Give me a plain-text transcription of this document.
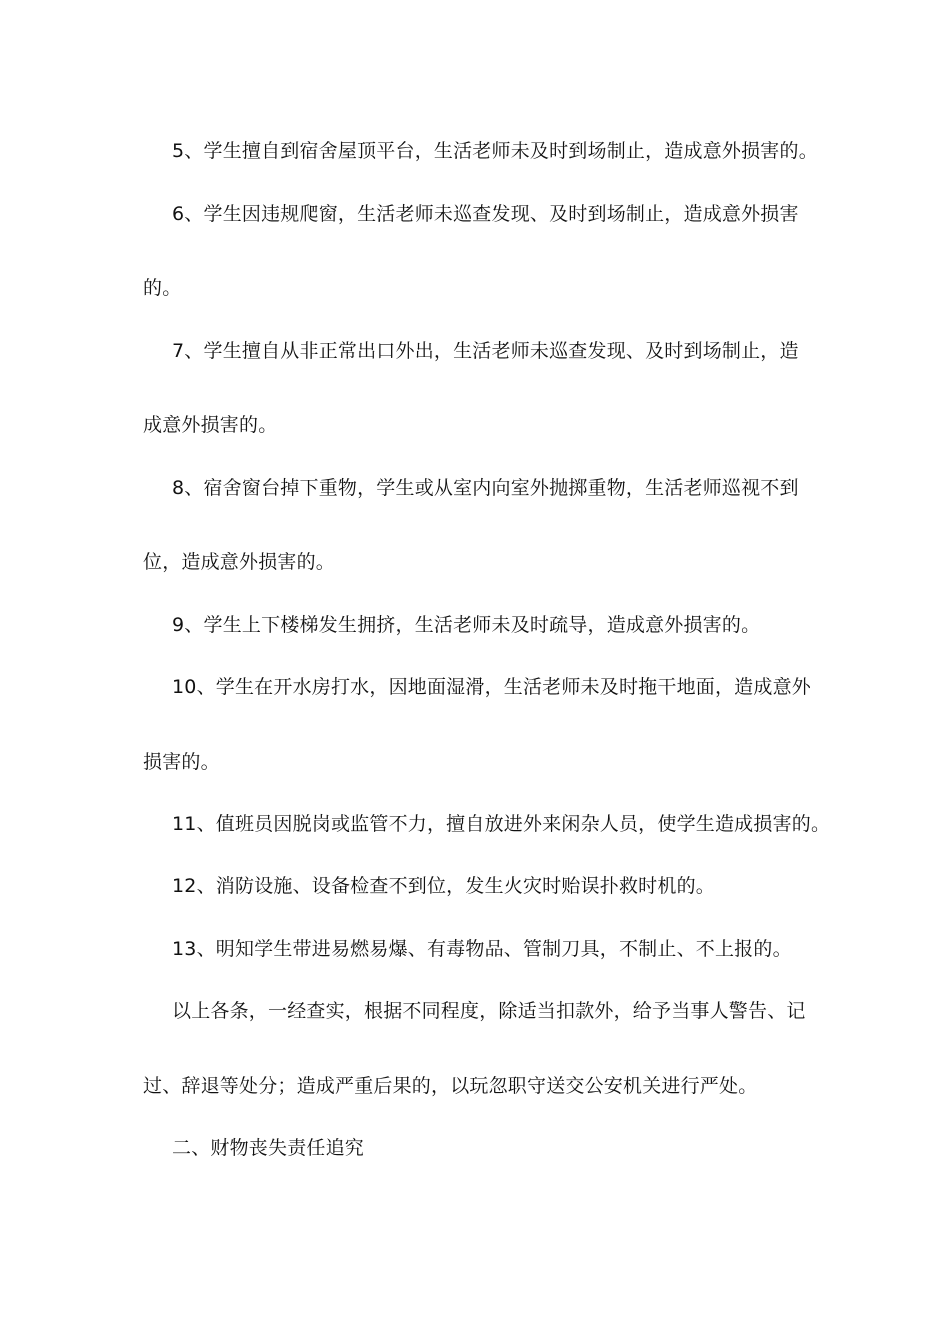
5、学生擅自到宿舍屋顶平台，生活老师未及时到场制止，造成意外损害的。
6、学生因违规爬窗，生活老师未巡查发现、及时到场制止，造成意外损害
的。
7、学生擅自从非正常出口外出，生活老师未巡查发现、及时到场制止，造
成意外损害的。
8、宿舍窗台掉下重物，学生或从室内向室外抛掷重物，生活老师巡视不到
位，造成意外损害的。
9、学生上下楼梯发生拥挤，生活老师未及时疏导，造成意外损害的。
10、学生在开水房打水，因地面湿滑，生活老师未及时拖干地面，造成意外
损害的。
11、值班员因脱岗或监管不力，擅自放进外来闲杂人员，使学生造成损害的。
12、消防设施、设备检查不到位，发生火灾时贻误扑救时机的。
13、明知学生带进易燃易爆、有毒物品、管制刀具，不制止、不上报的。
以上各条，一经查实，根据不同程度，除适当扣款外，给予当事人警告、记
过、辞退等处分；造成严重后果的，以玩忽职守送交公安机关进行严处。
二、财物丧失责任追究
